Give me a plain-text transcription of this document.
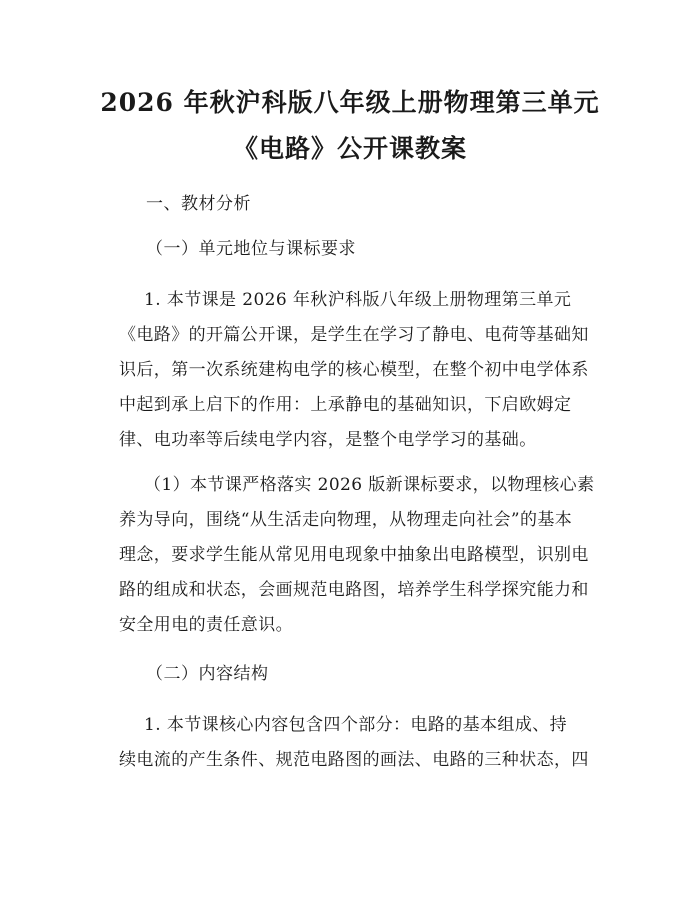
2026 年秋沪科版八年级上册物理第三单元
《电路》公开课教案
一、教材分析
（一）单元地位与课标要求
1. 本节课是 2026 年秋沪科版八年级上册物理第三单元
《电路》的开篇公开课，是学生在学习了静电、电荷等基础知
识后，第一次系统建构电学的核心模型，在整个初中电学体系
中起到承上启下的作用：上承静电的基础知识，下启欧姆定
律、电功率等后续电学内容，是整个电学学习的基础。
（1）本节课严格落实 2026 版新课标要求，以物理核心素
养为导向，围绕“从生活走向物理，从物理走向社会”的基本
理念，要求学生能从常见用电现象中抽象出电路模型，识别电
路的组成和状态，会画规范电路图，培养学生科学探究能力和
安全用电的责任意识。
（二）内容结构
1. 本节课核心内容包含四个部分：电路的基本组成、持
续电流的产生条件、规范电路图的画法、电路的三种状态，四
